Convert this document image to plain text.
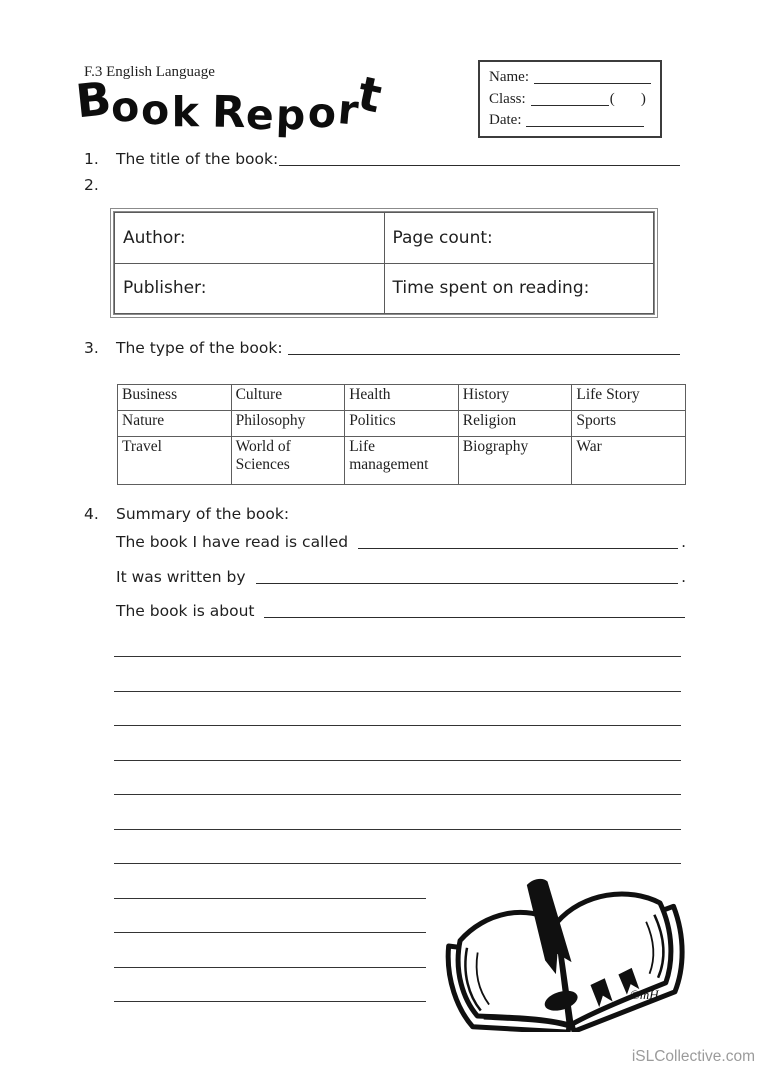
F.3 English Language
Book Report	Name:
Class:	(       )
Date:
1.	The title of the book:
2.
Author:	Page count:
Publisher:	Time spent on reading:
3.	The type of the book:
Business	Culture	Health	History	Life Story
Nature	Philosophy	Politics	Religion	Sports
Travel	World of Sciences	Life management	Biography	War
4.	Summary of the book:
The book I have read is called	.
It was written by	.
The book is about
©mH
iSLCollective.com
